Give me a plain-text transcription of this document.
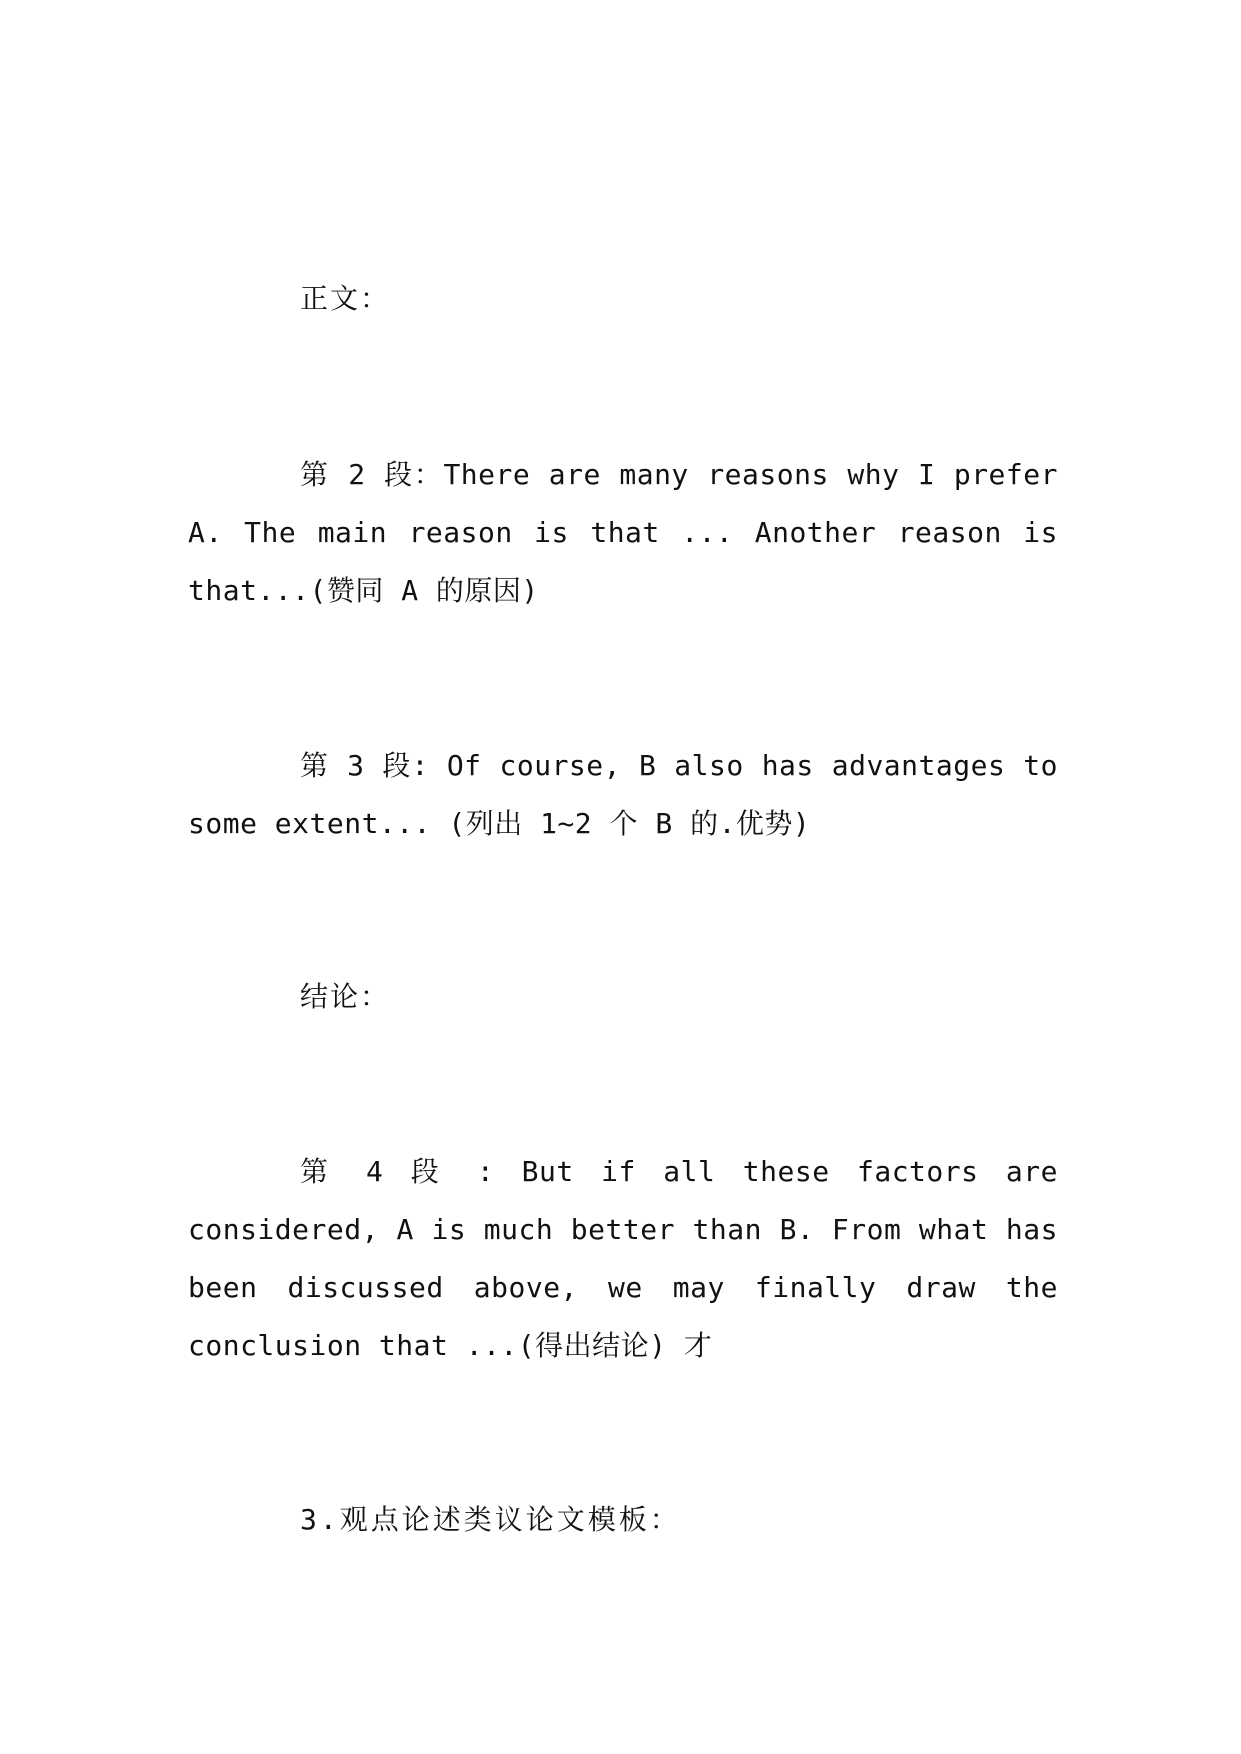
正文：

第 2 段：There are many reasons why I prefer A. The main reason is that ... Another reason is that...(赞同 A 的原因)

第 3 段: Of course, B also has advantages to some extent... (列出 1~2 个 B 的.优势)

结论：

第 4 段 : But if all these factors are considered, A is much better than B. From what has been discussed above, we may finally draw the conclusion that ...(得出结论) 才

3.观点论述类议论文模板：
